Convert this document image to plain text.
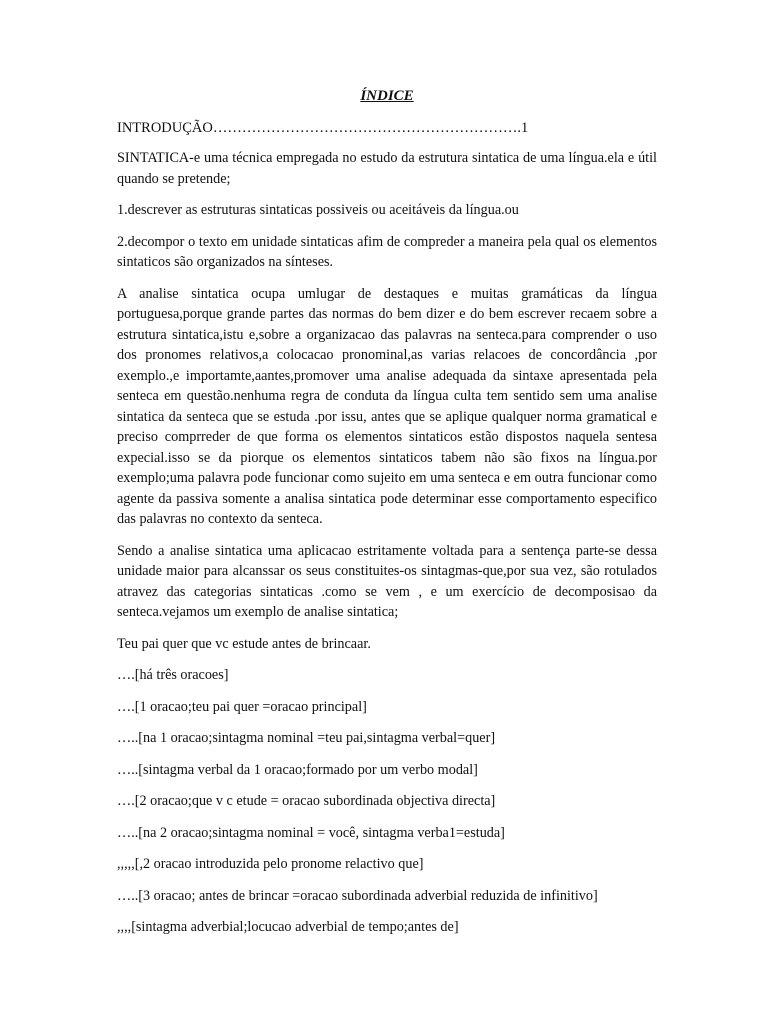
ÍNDICE
INTRODUÇÃO……………………………………………………….1

SINTATICA-e uma técnica empregada no estudo da estrutura sintatica de uma língua.ela e útil quando se pretende;

1.descrever as estruturas sintaticas possiveis ou aceitáveis da língua.ou

2.decompor o texto em unidade sintaticas afim de compreder a maneira pela qual os elementos sintaticos são organizados na sínteses.

A analise sintatica ocupa umlugar de destaques e muitas gramáticas da língua portuguesa,porque grande partes das normas do bem dizer e do bem escrever recaem sobre a estrutura sintatica,istu e,sobre a organizacao das palavras na senteca.para comprender o uso dos pronomes relativos,a colocacao pronominal,as varias relacoes de concordância ,por exemplo.,e importamte,aantes,promover uma analise adequada da sintaxe apresentada pela senteca em questão.nenhuma regra de conduta da língua culta tem sentido sem uma analise sintatica da senteca que se estuda .por issu, antes que se aplique qualquer norma gramatical e preciso comprreder de que forma os elementos sintaticos estão dispostos naquela sentesa expecial.isso se da piorque os elementos sintaticos tabem não são fixos na língua.por exemplo;uma palavra pode funcionar como sujeito em uma senteca e em outra funcionar como agente da passiva somente a analisa sintatica pode determinar esse comportamento especifico das palavras no contexto da senteca.

Sendo a analise sintatica uma aplicacao estritamente voltada para a sentença parte-se dessa unidade maior para alcanssar os seus constituites-os sintagmas-que,por sua vez, são rotulados atravez das categorias sintaticas .como se vem , e um exercício de decomposisao da senteca.vejamos um exemplo de analise sintatica;

Teu pai quer que vc estude antes de brincaar.

….[há três oracoes]
….[1 oracao;teu pai quer =oracao principal]
…..[na 1 oracao;sintagma nominal =teu pai,sintagma verbal=quer]
…..[sintagma verbal da 1 oracao;formado por um verbo modal]
….[2 oracao;que v c etude = oracao subordinada objectiva directa]
…..[na 2 oracao;sintagma nominal = você, sintagma verba1=estuda]
,,,,,[,2 oracao introduzida pelo pronome relactivo que]
…..[3 oracao; antes de brincar =oracao subordinada adverbial reduzida de infinitivo]
,,,,[sintagma adverbial;locucao adverbial de tempo;antes de]
